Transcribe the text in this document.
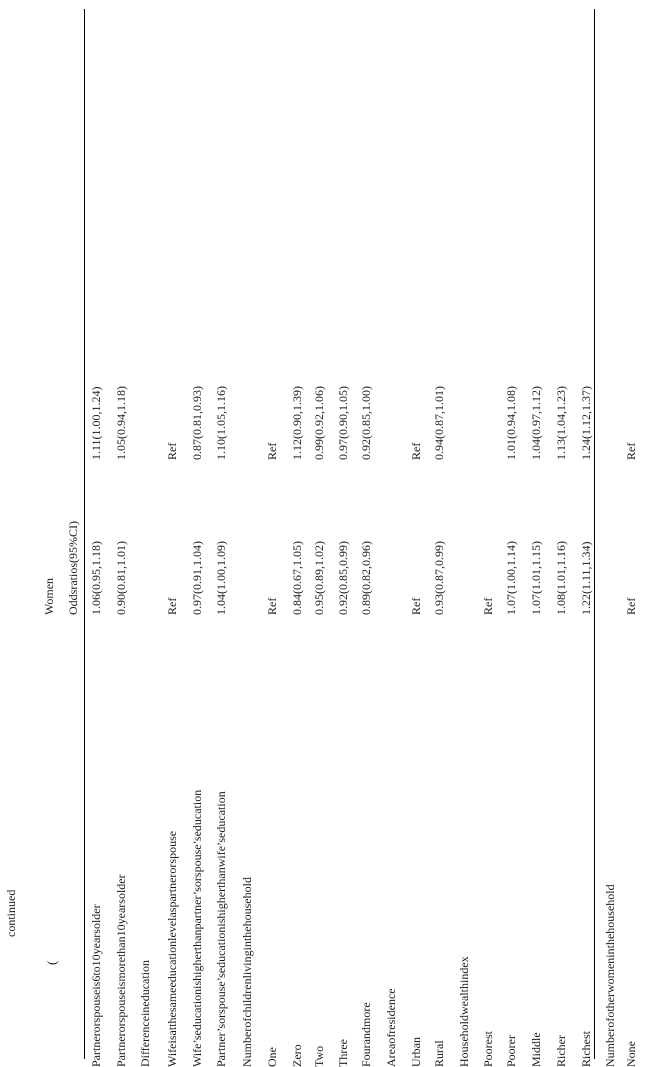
continued
(
Women Oddsratios(95%CI)
Partnerorspouseis6to10yearsolder
1.06(0.95,1.18)
1.11(1.00,1.24)
Partnerorspouseismorethan10yearsolder
0.90(0.81,1.01)
1.05(0.94,1.18)
Differenceineducation Wifeisatthesameeducationlevelaspartnerorspouse
Ref
Ref
Wife’seducationishigherthanpartner’sorspouse’seducation
0.97(0.91,1.04)
0.87(0.81,0.93)
Partner’sorspouse’seducationishigherthanwife’seducation
1.04(1.00,1.09)
1.10(1.05,1.16)
Numberofchildrenlivinginthehousehold One
Ref
Ref
Zero
0.84(0.67,1.05)
1.12(0.90,1.39)
Two
0.95(0.89,1.02)
0.99(0.92,1.06)
Three
0.92(0.85,0.99)
0.97(0.90,1.05)
Fourandmore
0.89(0.82,0.96)
0.92(0.85,1.00)
Areaofresidence Urban
Ref
Ref
Rural
0.93(0.87,0.99)
0.94(0.87,1.01)
Householdwealthindex Poorest
Ref
Poorer
1.07(1.00,1.14)
1.01(0.94,1.08)
Middle
1.07(1.01,1.15)
1.04(0.97,1.12)
Richer
1.08(1.01,1.16)
1.13(1.04,1.23)
Richest
1.22(1.11,1.34)
1.24(1.12,1.37)
Numberofotherwomeninthehousehold None
Ref
Ref
